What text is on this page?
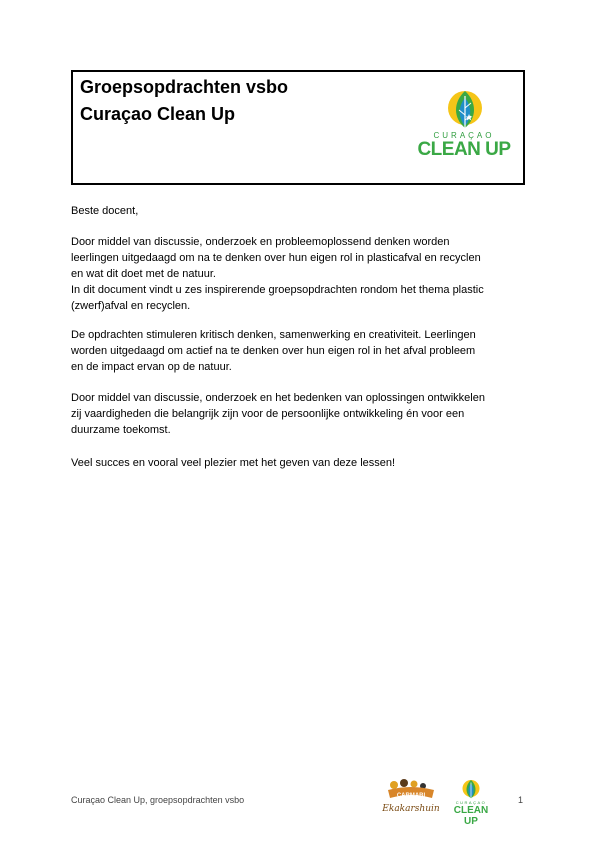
Groepsopdrachten vsbo
Curaçao Clean Up
CURAÇAO
CLEAN UP
Beste docent,
Door middel van discussie, onderzoek en probleemoplossend denken worden
leerlingen uitgedaagd om na te denken over hun eigen rol in plasticafval en recyclen
en wat dit doet met de natuur.
In dit document vindt u zes inspirerende groepsopdrachten rondom het thema plastic
(zwerf)afval en recyclen.
De opdrachten stimuleren kritisch denken, samenwerking en creativiteit. Leerlingen
worden uitgedaagd om actief na te denken over hun eigen rol in het afval probleem
en de impact ervan op de natuur.
Door middel van discussie, onderzoek en het bedenken van oplossingen ontwikkelen
zij vaardigheden die belangrijk zijn voor de persoonlijke ontwikkeling én voor een
duurzame toekomst.
Veel succes en vooral veel plezier met het geven van deze lessen!
Curaçao Clean Up, groepsopdrachten vsbo	CARMABI
Ekakarshuin
CURAÇAO
CLEAN UP
1
